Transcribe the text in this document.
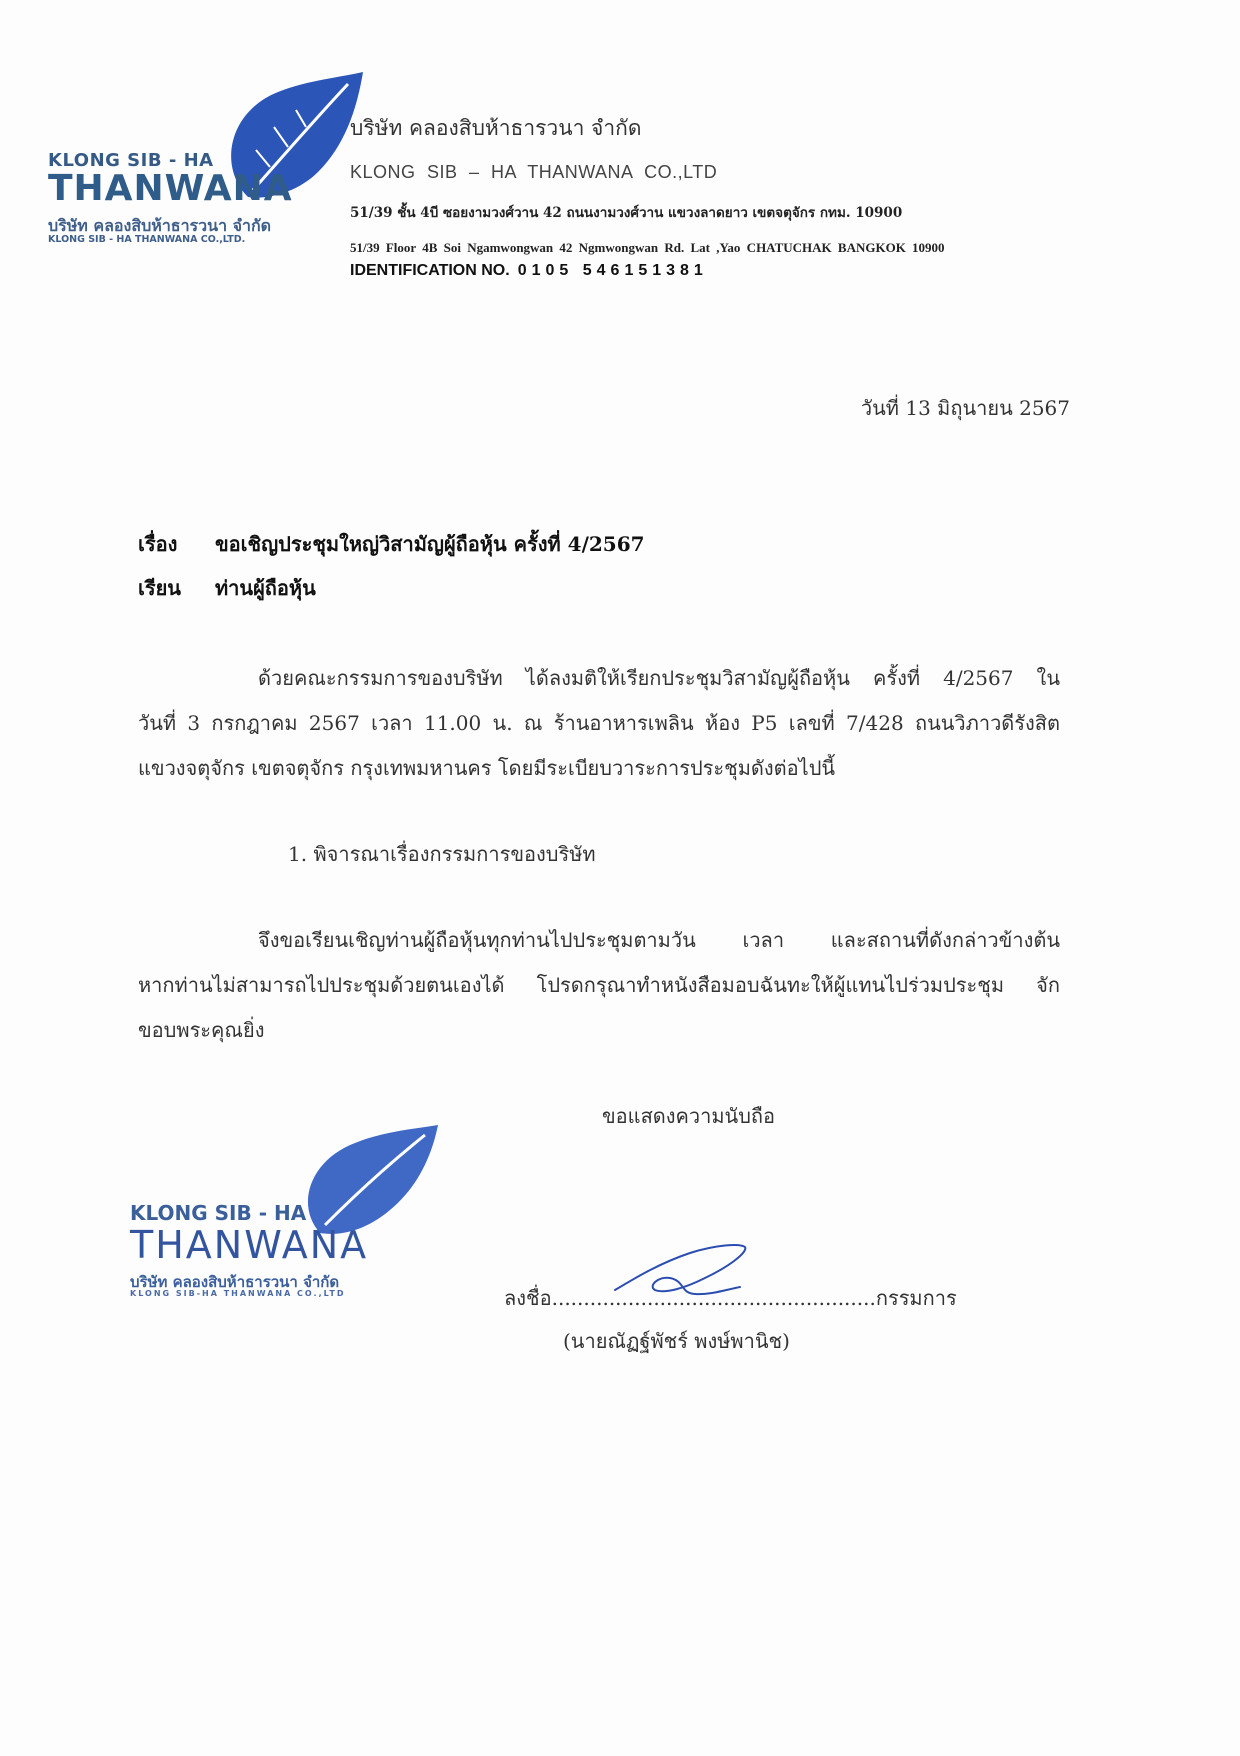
KLONG SIB - HA
THANWANA
บริษัท คลองสิบห้าธารวนา จำกัด
KLONG SIB - HA THANWANA CO.,LTD.
บริษัท คลองสิบห้าธารวนา จำกัด
KLONG SIB – HA THANWANA CO.,LTD
51/39 ชั้น 4บี ซอยงามวงศ์วาน 42 ถนนงามวงศ์วาน แขวงลาดยาว เขตจตุจักร กทม. 10900
51/39 Floor 4B Soi Ngamwongwan 42 Ngmwongwan Rd. Lat ,Yao CHATUCHAK BANGKOK 10900
IDENTIFICATION NO. 0105 546151381
วันที่ 13 มิถุนายน 2567
เรื่อง ขอเชิญประชุมใหญ่วิสามัญผู้ถือหุ้น ครั้งที่ 4/2567
เรียน ท่านผู้ถือหุ้น
ด้วยคณะกรรมการของบริษัท ได้ลงมติให้เรียกประชุมวิสามัญผู้ถือหุ้น ครั้งที่ 4/2567 ใน
วันที่ 3 กรกฎาคม 2567 เวลา 11.00 น. ณ ร้านอาหารเพลิน ห้อง P5 เลขที่ 7/428 ถนนวิภาวดีรังสิต
แขวงจตุจักร เขตจตุจักร กรุงเทพมหานคร โดยมีระเบียบวาระการประชุมดังต่อไปนี้
1. พิจารณาเรื่องกรรมการของบริษัท
จึงขอเรียนเชิญท่านผู้ถือหุ้นทุกท่านไปประชุมตามวัน เวลา และสถานที่ดังกล่าวข้างต้น
หากท่านไม่สามารถไปประชุมด้วยตนเองได้ โปรดกรุณาทำหนังสือมอบฉันทะให้ผู้แทนไปร่วมประชุม จัก
ขอบพระคุณยิ่ง
ขอแสดงความนับถือ
KLONG SIB - HA
THANWANA
บริษัท คลองสิบห้าธารวนา จำกัด
KLONG SIB-HA THANWANA CO.,LTD	ลงชื่อ...................................................กรรมการ
(นายณัฏฐ์พัชร์ พงษ์พานิช)
